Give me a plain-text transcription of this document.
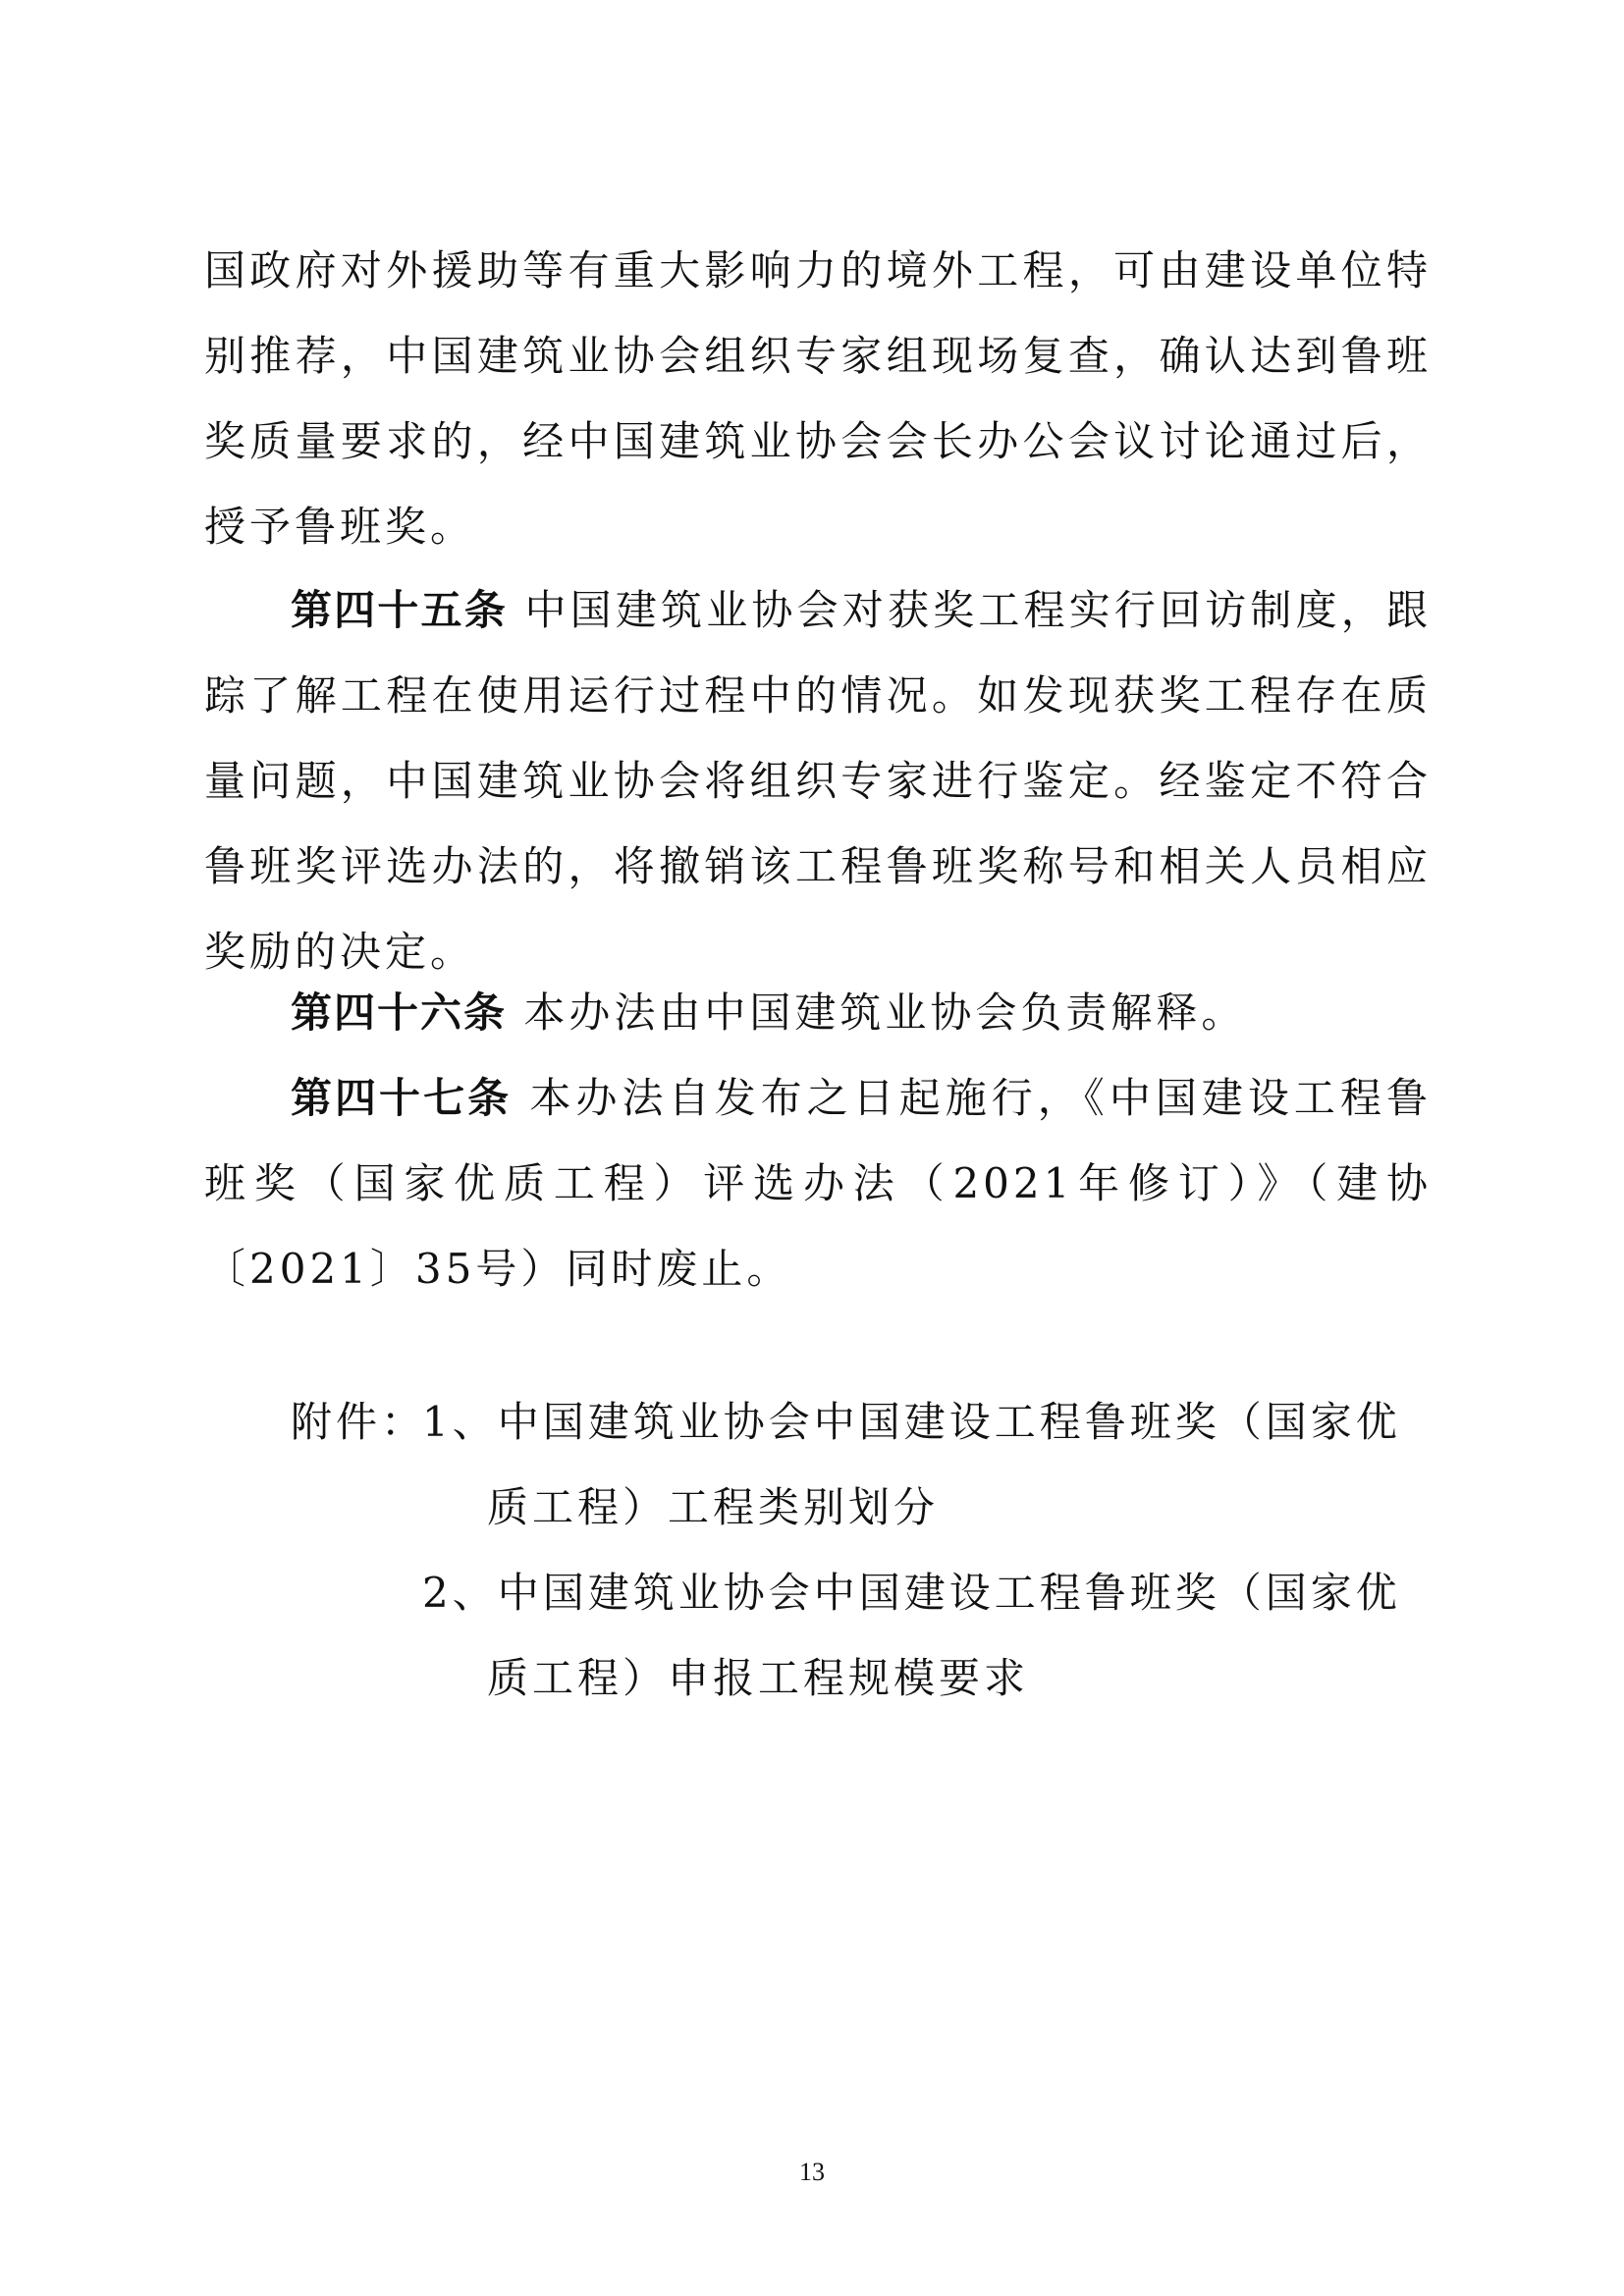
国政府对外援助等有重大影响力的境外工程，可由建设单位特别推荐，中国建筑业协会组织专家组现场复查，确认达到鲁班奖质量要求的，经中国建筑业协会会长办公会议讨论通过后，授予鲁班奖。

第四十五条 中国建筑业协会对获奖工程实行回访制度，跟踪了解工程在使用运行过程中的情况。如发现获奖工程存在质量问题，中国建筑业协会将组织专家进行鉴定。经鉴定不符合鲁班奖评选办法的，将撤销该工程鲁班奖称号和相关人员相应奖励的决定。

第四十六条 本办法由中国建筑业协会负责解释。

第四十七条 本办法自发布之日起施行，《中国建设工程鲁班奖（国家优质工程）评选办法（2021年修订）》（建协〔2021〕35号）同时废止。

附件：
1、中国建筑业协会中国建设工程鲁班奖（国家优质工程）工程类别划分
2、中国建筑业协会中国建设工程鲁班奖（国家优质工程）申报工程规模要求
13
